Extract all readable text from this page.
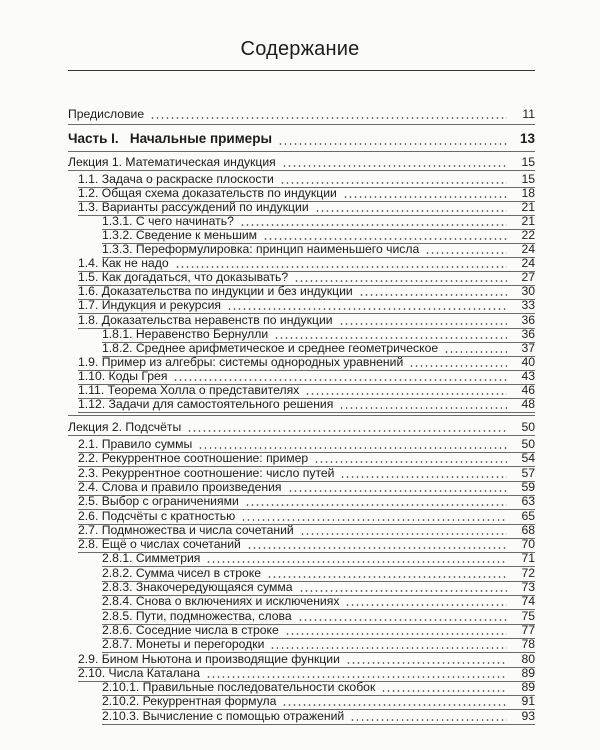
Содержание
Предисловие	11
Часть I.   Начальные примеры	13
Лекция 1. Математическая индукция	15
1.1. Задача о раскраске плоскости	15
1.2. Общая схема доказательств по индукции	18
1.3. Варианты рассуждений по индукции	21
1.3.1. С чего начинать?	21
1.3.2. Сведение к меньшим	22
1.3.3. Переформулировка: принцип наименьшего числа	24
1.4. Как не надо	24
1.5. Как догадаться, что доказывать?	27
1.6. Доказательства по индукции и без индукции	30
1.7. Индукция и рекурсия	33
1.8. Доказательства неравенств по индукции	36
1.8.1. Неравенство Бернулли	36
1.8.2. Среднее арифметическое и среднее геометрическое	37
1.9. Пример из алгебры: системы однородных уравнений	40
1.10. Коды Грея	43
1.11. Теорема Холла о представителях	46
1.12. Задачи для самостоятельного решения	48
Лекция 2. Подсчёты	50
2.1. Правило суммы	50
2.2. Рекуррентное соотношение: пример	54
2.3. Рекуррентное соотношение: число путей	57
2.4. Слова и правило произведения	59
2.5. Выбор с ограничениями	63
2.6. Подсчёты с кратностью	65
2.7. Подмножества и числа сочетаний	68
2.8. Ещё о числах сочетаний	70
2.8.1. Симметрия	71
2.8.2. Сумма чисел в строке	72
2.8.3. Знакочередующаяся сумма	73
2.8.4. Снова о включениях и исключениях	74
2.8.5. Пути, подмножества, слова	75
2.8.6. Соседние числа в строке	77
2.8.7. Монеты и перегородки	78
2.9. Бином Ньютона и производящие функции	80
2.10. Числа Каталана	89
2.10.1. Правильные последовательности скобок	89
2.10.2. Рекуррентная формула	91
2.10.3. Вычисление с помощью отражений	93
